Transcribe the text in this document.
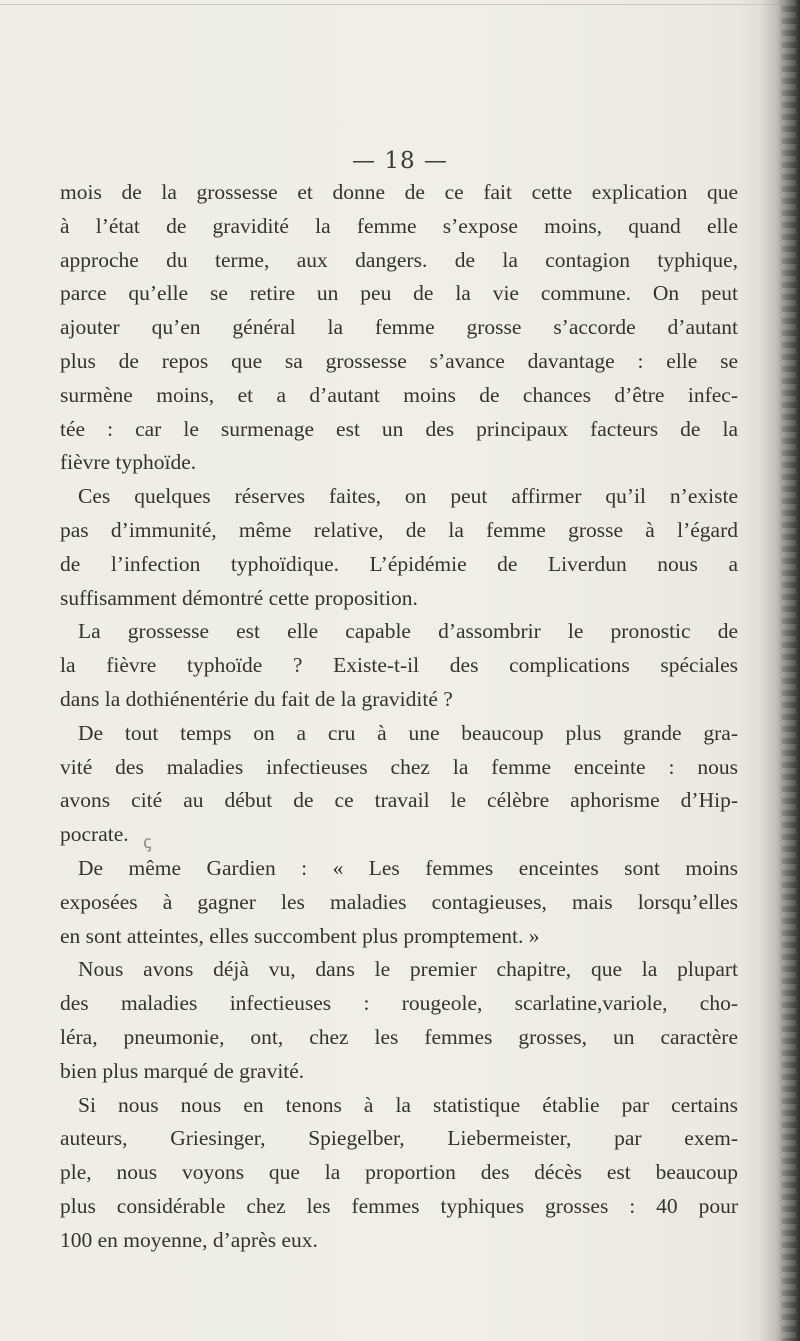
— 18 —
mois de la grossesse et donne de ce fait cette explication que
à l’état de gravidité la femme s’expose moins, quand elle
approche du terme, aux dangers. de la contagion typhique,
parce qu’elle se retire un peu de la vie commune. On peut
ajouter qu’en général la femme grosse s’accorde d’autant
plus de repos que sa grossesse s’avance davantage : elle se
surmène moins, et a d’autant moins de chances d’être infec-
tée : car le surmenage est un des principaux facteurs de la
fièvre typhoïde.
Ces quelques réserves faites, on peut affirmer qu’il n’existe
pas d’immunité, même relative, de la femme grosse à l’égard
de l’infection typhoïdique. L’épidémie de Liverdun nous a
suffisamment démontré cette proposition.
La grossesse est elle capable d’assombrir le pronostic de
la fièvre typhoïde ? Existe-t-il des complications spéciales
dans la dothiénentérie du fait de la gravidité ?
De tout temps on a cru à une beaucoup plus grande gra-
vité des maladies infectieuses chez la femme enceinte : nous
avons cité au début de ce travail le célèbre aphorisme d’Hip-
pocrate.
De même Gardien : « Les femmes enceintes sont moins
exposées à gagner les maladies contagieuses, mais lorsqu’elles
en sont atteintes, elles succombent plus promptement. »
Nous avons déjà vu, dans le premier chapitre, que la plupart
des maladies infectieuses : rougeole, scarlatine,variole, cho-
léra, pneumonie, ont, chez les femmes grosses, un caractère
bien plus marqué de gravité.
Si nous nous en tenons à la statistique établie par certains
auteurs, Griesinger, Spiegelber, Liebermeister, par exem-
ple, nous voyons que la proportion des décès est beaucoup
plus considérable chez les femmes typhiques grosses : 40 pour
100 en moyenne, d’après eux.
ꞔ
